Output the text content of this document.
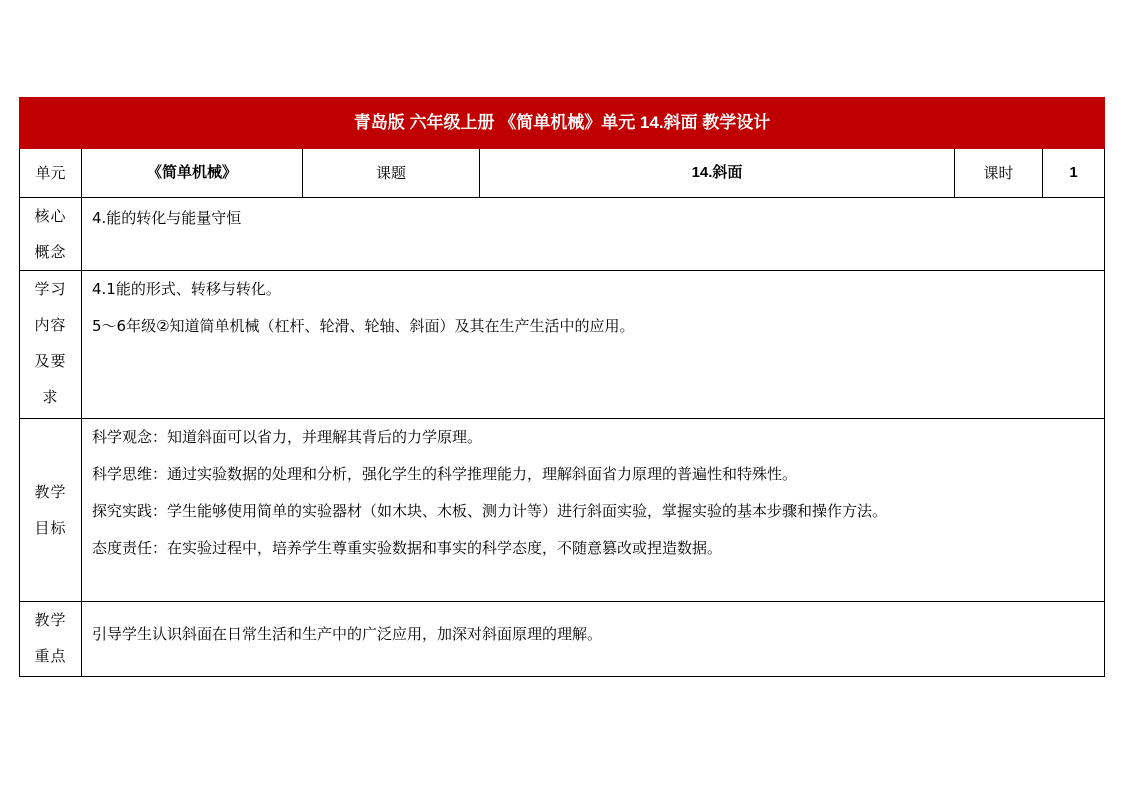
青岛版 六年级上册 《简单机械》单元 14.斜面 教学设计					
单元	《简单机械》	课题	14.斜面	课时	1

核心概念	4.能的转化与能量守恒				

学习内容及要求	4.1能的形式、转移与转化。

5～6年级②知道简单机械（杠杆、轮滑、轮轴、斜面）及其在生产生活中的应用。				

教学目标	科学观念：知道斜面可以省力，并理解其背后的力学原理。

科学思维：通过实验数据的处理和分析，强化学生的科学推理能力，理解斜面省力原理的普遍性和特殊性。

探究实践：学生能够使用简单的实验器材（如木块、木板、测力计等）进行斜面实验，掌握实验的基本步骤和操作方法。

态度责任：在实验过程中，培养学生尊重实验数据和事实的科学态度，不随意篡改或捏造数据。				

教学重点	引导学生认识斜面在日常生活和生产中的广泛应用，加深对斜面原理的理解。				
